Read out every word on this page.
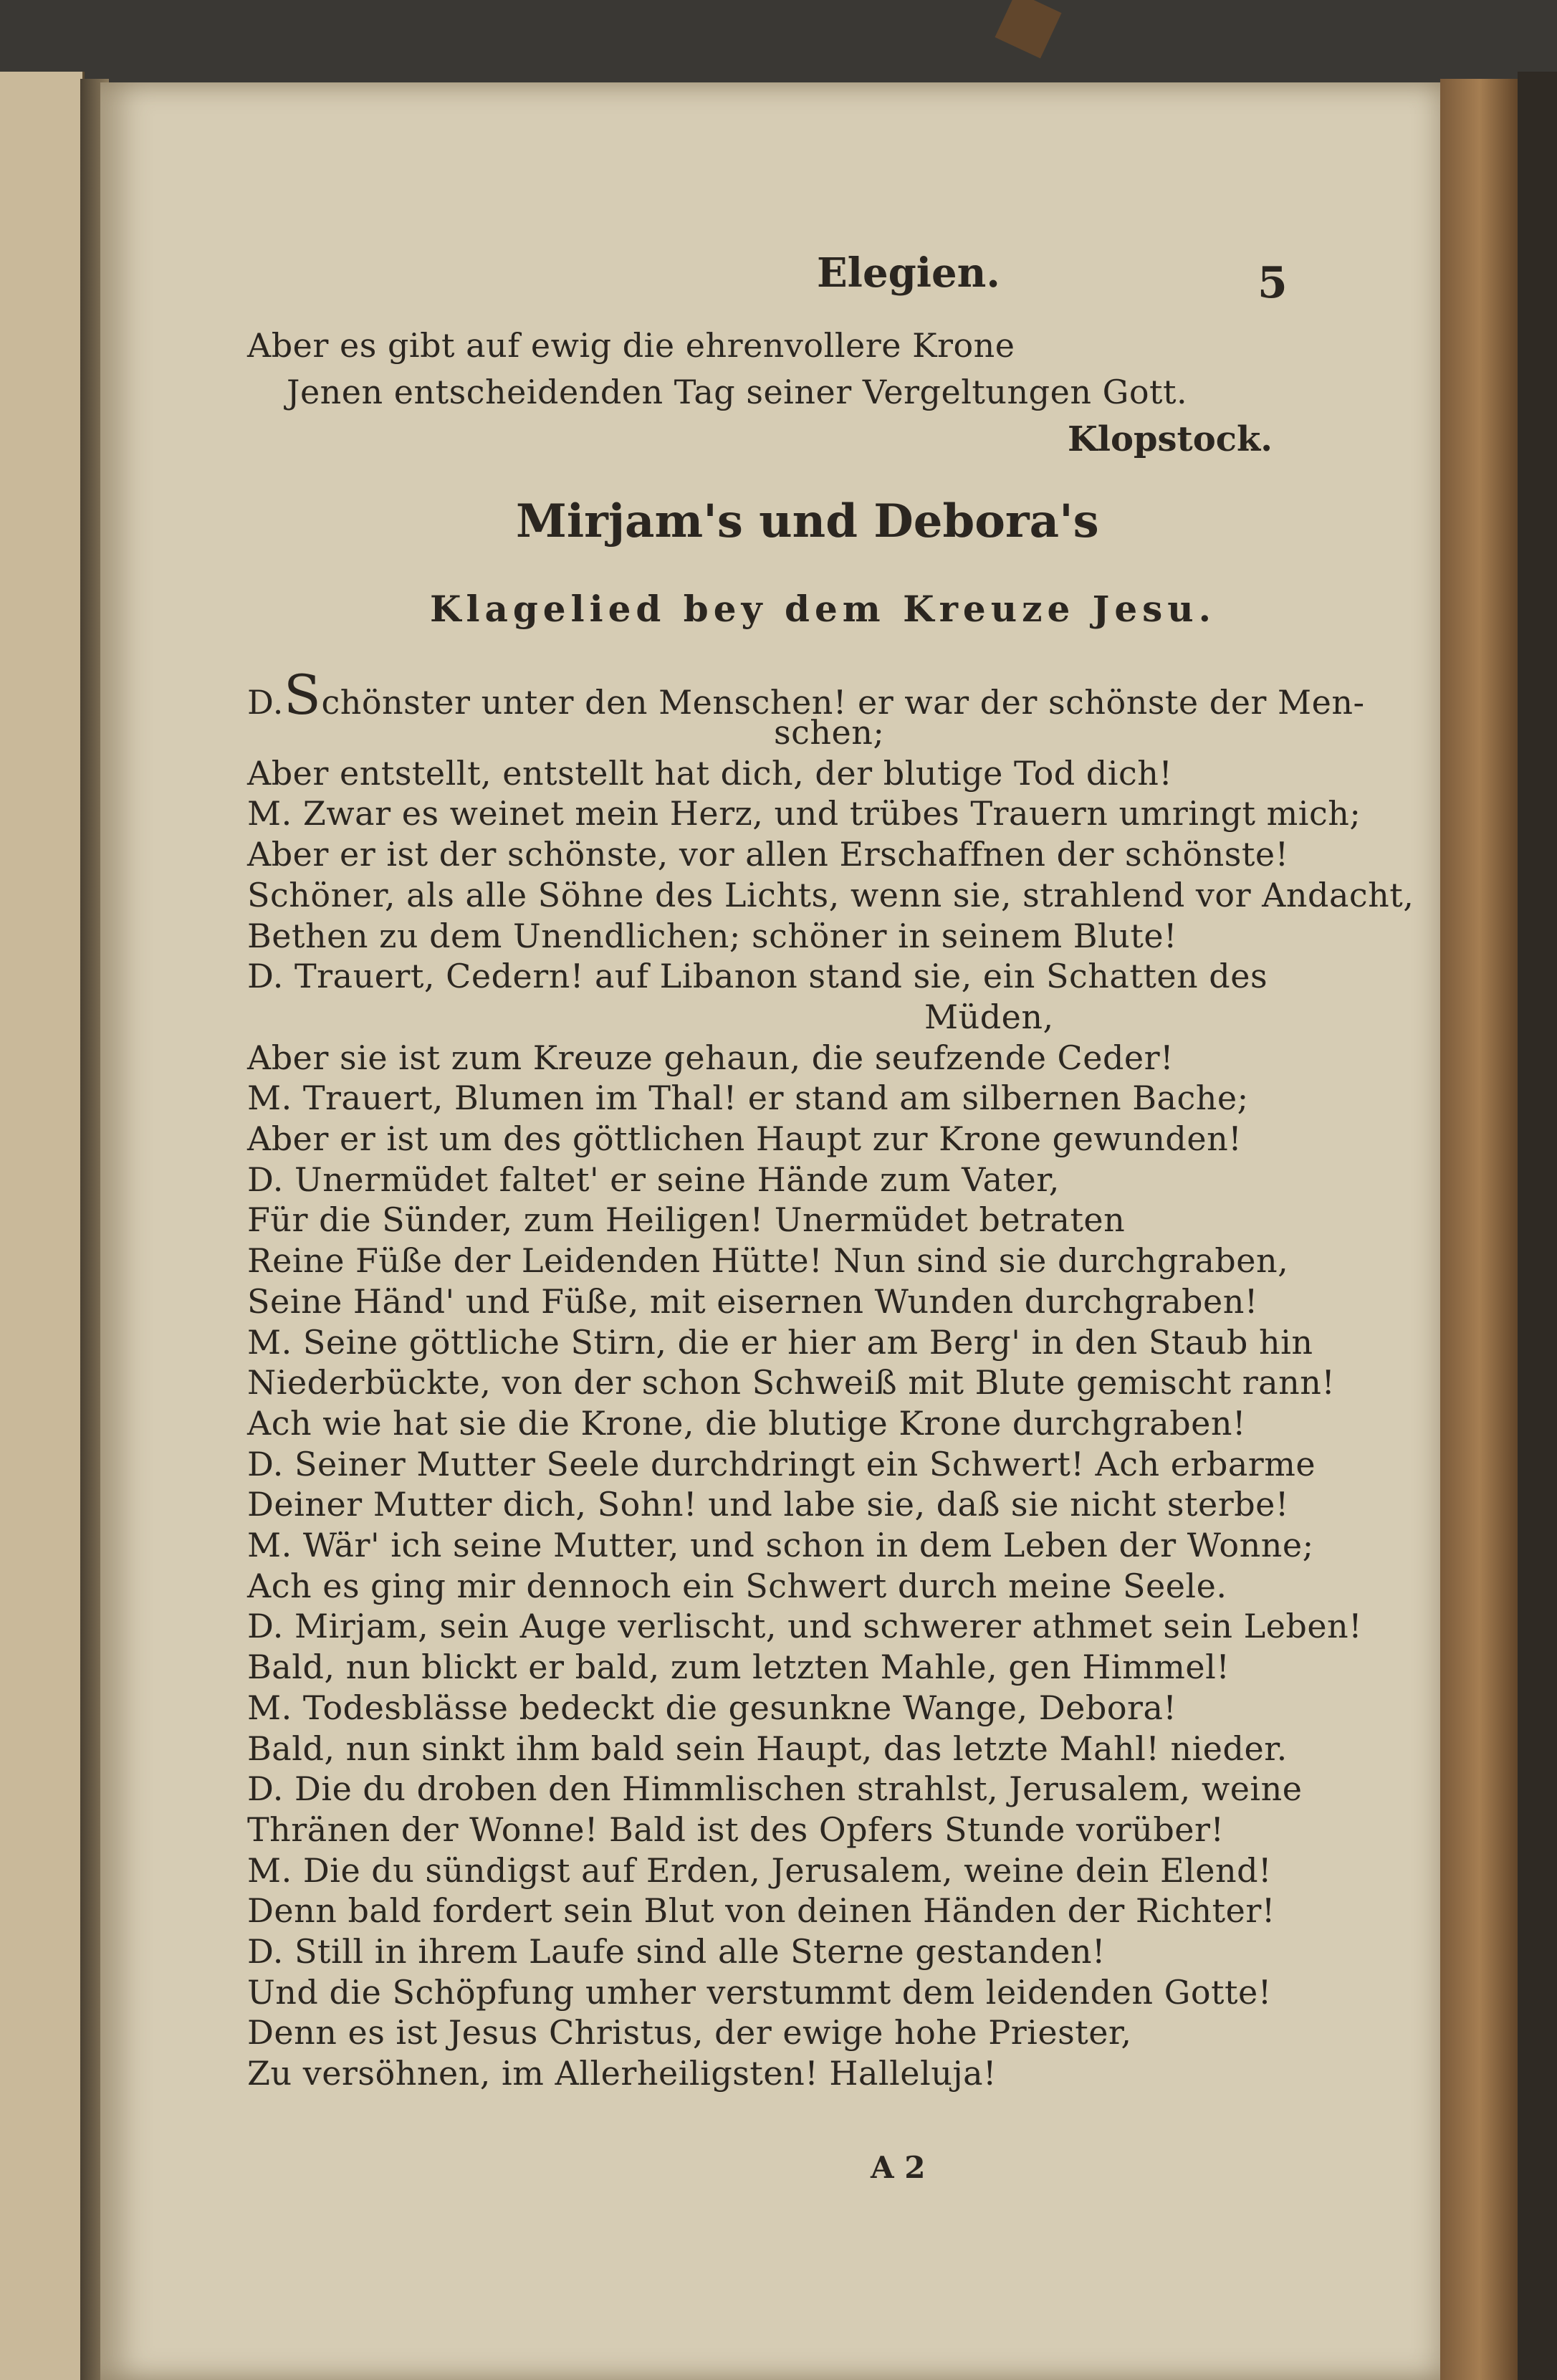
Elegien.	5
Aber es gibt auf ewig die ehrenvollere Krone
Jenen entscheidenden Tag seiner Vergeltungen Gott.
Klopstock.
Mirjam's und Debora's
Klagelied bey dem Kreuze Jesu.
D.Schönster unter den Menschen! er war der schönste der Men-
schen;
Aber entstellt, entstellt hat dich, der blutige Tod dich!
M. Zwar es weinet mein Herz, und trübes Trauern umringt mich;
Aber er ist der schönste, vor allen Erschaffnen der schönste!
Schöner, als alle Söhne des Lichts, wenn sie, strahlend vor Andacht,
Bethen zu dem Unendlichen; schöner in seinem Blute!
D. Trauert, Cedern! auf Libanon stand sie, ein Schatten des
Müden,
Aber sie ist zum Kreuze gehaun, die seufzende Ceder!
M. Trauert, Blumen im Thal! er stand am silbernen Bache;
Aber er ist um des göttlichen Haupt zur Krone gewunden!
D. Unermüdet faltet' er seine Hände zum Vater,
Für die Sünder, zum Heiligen! Unermüdet betraten
Reine Füße der Leidenden Hütte! Nun sind sie durchgraben,
Seine Händ' und Füße, mit eisernen Wunden durchgraben!
M. Seine göttliche Stirn, die er hier am Berg' in den Staub hin
Niederbückte, von der schon Schweiß mit Blute gemischt rann!
Ach wie hat sie die Krone, die blutige Krone durchgraben!
D. Seiner Mutter Seele durchdringt ein Schwert! Ach erbarme
Deiner Mutter dich, Sohn! und labe sie, daß sie nicht sterbe!
M. Wär' ich seine Mutter, und schon in dem Leben der Wonne;
Ach es ging mir dennoch ein Schwert durch meine Seele.
D. Mirjam, sein Auge verlischt, und schwerer athmet sein Leben!
Bald, nun blickt er bald, zum letzten Mahle, gen Himmel!
M. Todesblässe bedeckt die gesunkne Wange, Debora!
Bald, nun sinkt ihm bald sein Haupt, das letzte Mahl! nieder.
D. Die du droben den Himmlischen strahlst, Jerusalem, weine
Thränen der Wonne! Bald ist des Opfers Stunde vorüber!
M. Die du sündigst auf Erden, Jerusalem, weine dein Elend!
Denn bald fordert sein Blut von deinen Händen der Richter!
D. Still in ihrem Laufe sind alle Sterne gestanden!
Und die Schöpfung umher verstummt dem leidenden Gotte!
Denn es ist Jesus Christus, der ewige hohe Priester,
Zu versöhnen, im Allerheiligsten! Halleluja!
A 2
